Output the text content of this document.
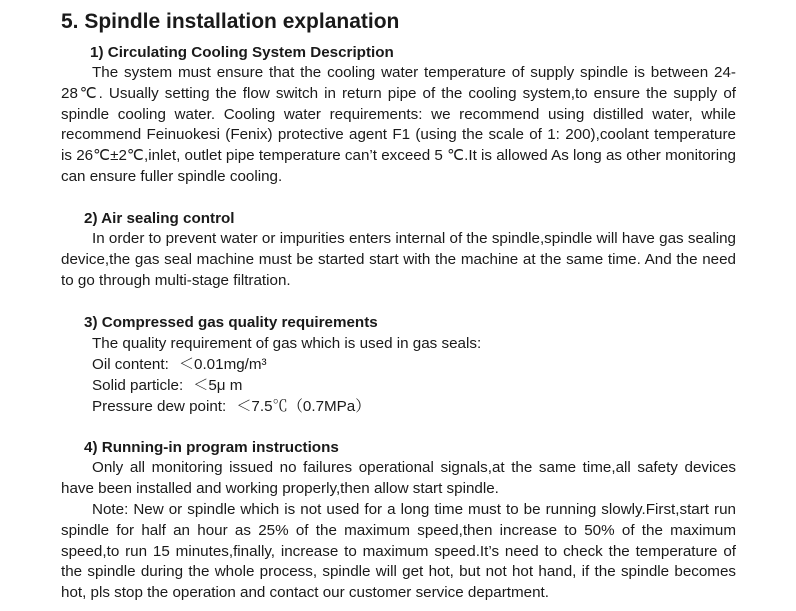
5. Spindle installation explanation
1) Circulating Cooling System Description

The system must ensure that the cooling water temperature of supply spindle is between 24-28℃. Usually setting the flow switch in return pipe of the cooling system,to ensure the supply of spindle cooling water. Cooling water requirements: we recommend using distilled water, while recommend Feinuokesi (Fenix) protective agent F1 (using the scale of 1: 200),coolant temperature is 26℃±2℃,inlet, outlet pipe temperature can’t exceed 5 ℃.It is allowed As long as other monitoring can ensure fuller spindle cooling.

2) Air sealing control

In order to prevent water or impurities enters internal of the spindle,spindle will have gas sealing device,the gas seal machine must be started start with the machine at the same time. And the need to go through multi-stage filtration.

3) Compressed gas quality requirements
The quality requirement of gas which is used in gas seals:
Oil content: ＜0.01mg/m³
Solid particle: ＜5μ m
Pressure dew point: ＜7.5℃（0.7MPa）
4) Running-in program instructions

Only all monitoring issued no failures operational signals,at the same time,all safety devices have been installed and working properly,then allow start spindle.

Note: New or spindle which is not used for a long time must to be running slowly.First,start run spindle for half an hour as 25% of the maximum speed,then increase to 50% of the maximum speed,to run 15 minutes,finally, increase to maximum speed.It’s need to check the temperature of the spindle during the whole process, spindle will get hot, but not hot hand, if the spindle becomes hot, pls stop the operation and contact our customer service department.
